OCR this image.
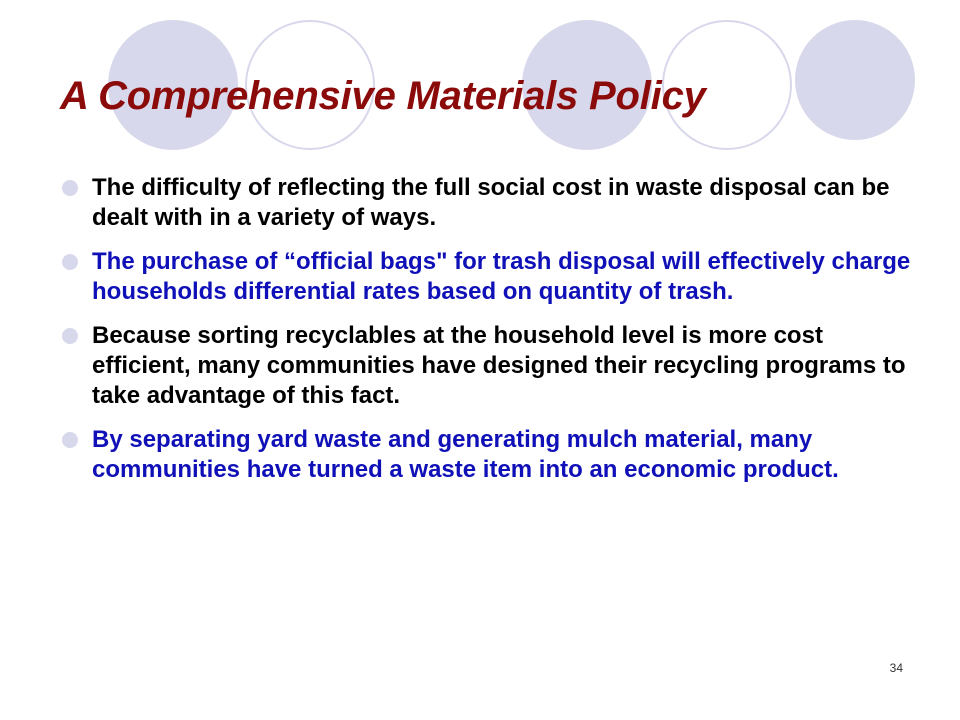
A Comprehensive Materials Policy
The difficulty of reflecting the full social cost in waste disposal can be dealt with in a variety of ways.
The purchase of “official bags" for trash disposal will effectively charge households differential rates based on quantity of trash.
Because sorting recyclables at the household level is more cost efficient, many communities have designed their recycling programs to take advantage of this fact.
By separating yard waste and generating mulch material, many communities have turned a waste item into an economic product.
34
